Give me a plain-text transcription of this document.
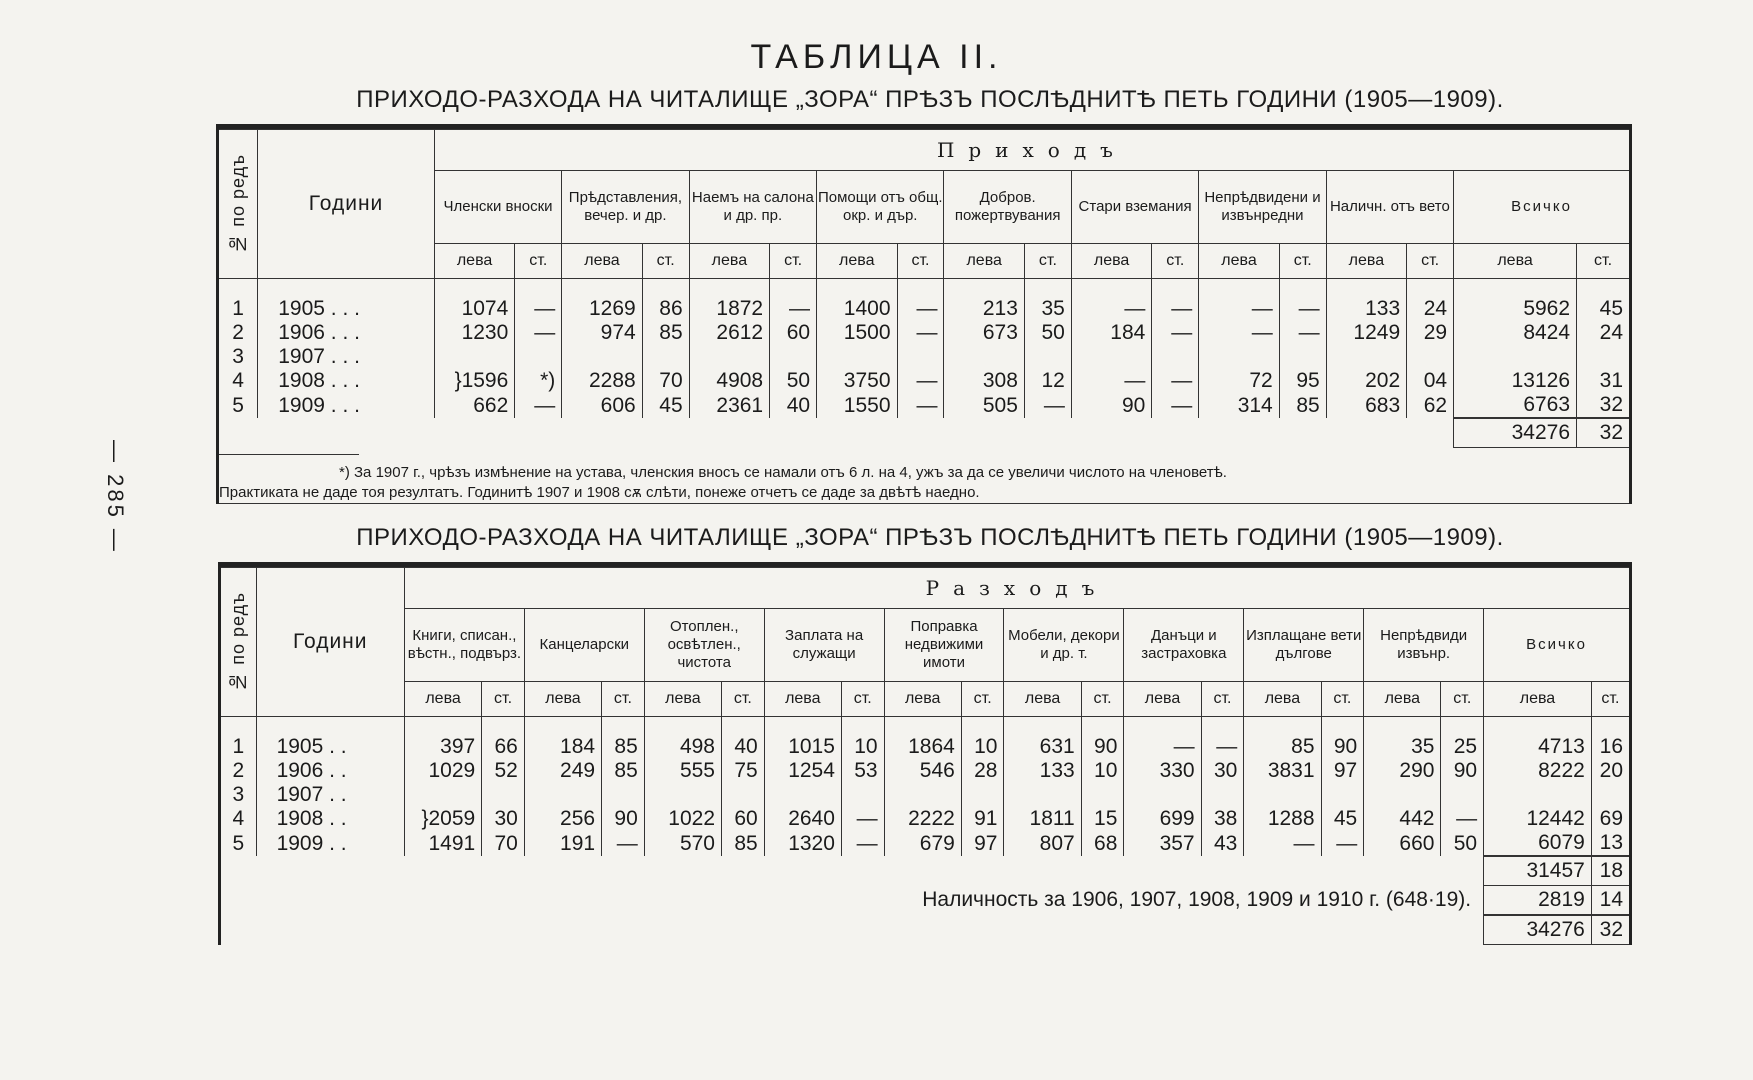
— 285 —
ТАБЛИЦА II.
ПРИХОДО-РАЗХОДА НА ЧИТАЛИЩЕ „ЗОРА“ ПРѢЗЪ ПОСЛѢДНИТѢ ПЕТЬ ГОДИНИ (1905—1909).
№ по редъ	Години	Приходъ																	
		Членски вноски		Прѣдставления, вечер. и др.		Наемъ на салона и др. пр.		Помощи отъ общ. окр. и дър.		Добров. пожертвувания		Стари вземания		Непрѣдвидени и извънредни		Наличн. отъ вето		Всичко	
		лева	ст.	лева	ст.	лева	ст.	лева	ст.	лева	ст.	лева	ст.	лева	ст.	лева	ст.	лева	ст.

1	1905 . . .	1074	—	1269	86	1872	—	1400	—	213	35	—	—	—	—	133	24	5962	45
2	1906 . . .	1230	—	974	85	2612	60	1500	—	673	50	184	—	—	—	1249	29	8424	24
3	1907 . . .																		
4	1908 . . .	}1596	*)	2288	70	4908	50	3750	—	308	12	—	—	72	95	202	04	13126	31
5	1909 . . .	662	—	606	45	2361	40	1550	—	505	—	90	—	314	85	683	62	6763	32
																		34276	32

*) За 1907 г., чрѣзъ измѣнение на устава, членския вносъ се намали отъ 6 л. на 4, ужъ за да се увеличи числото на членоветѣ.
Практиката не даде тоя резултатъ. Годинитѣ 1907 и 1908 сѫ слѣти, понеже отчетъ се даде за двѣтѣ наедно.																			
ПРИХОДО-РАЗХОДА НА ЧИТАЛИЩЕ „ЗОРА“ ПРѢЗЪ ПОСЛѢДНИТѢ ПЕТЬ ГОДИНИ (1905—1909).
№ по редъ	Години	Разходъ																			
		Книги, списан., вѣстн., подвърз.		Канцеларски		Отоплен., освѣтлен., чистота		Заплата на служащи		Поправка недвижими имоти		Мобели, декори и др. т.		Данъци и застраховка		Изплащане вети дългове		Непрѣдвиди извънр.		Всичко	
		лева	ст.	лева	ст.	лева	ст.	лева	ст.	лева	ст.	лева	ст.	лева	ст.	лева	ст.	лева	ст.	лева	ст.

1	1905 . .	397	66	184	85	498	40	1015	10	1864	10	631	90	—	—	85	90	35	25	4713	16
2	1906 . .	1029	52	249	85	555	75	1254	53	546	28	133	10	330	30	3831	97	290	90	8222	20
3	1907 . .																				
4	1908 . .	}2059	30	256	90	1022	60	2640	—	2222	91	1811	15	699	38	1288	45	442	—	12442	69
5	1909 . .	1491	70	191	—	570	85	1320	—	679	97	807	68	357	43	—	—	660	50	6079	13
																				31457	18
Наличность за 1906, 1907, 1908, 1909 и 1910 г. (648·19).																				2819	14
																				34276	32
